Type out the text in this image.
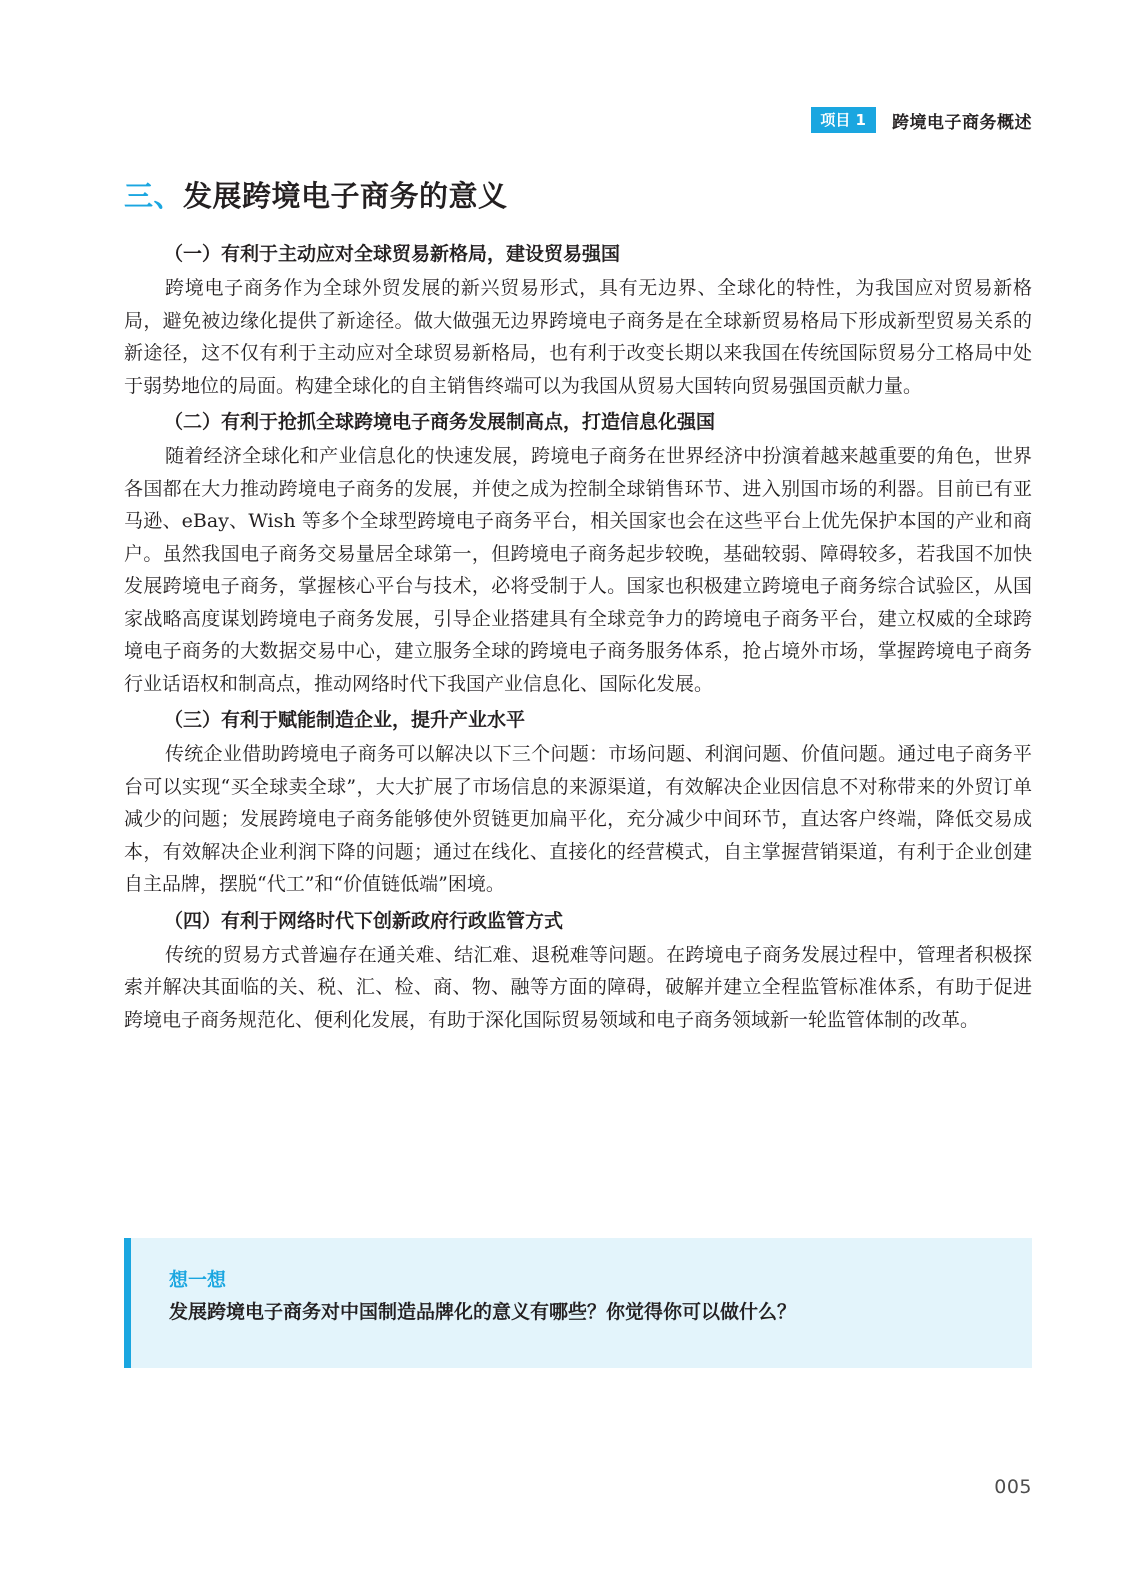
项目 1	跨境电子商务概述
三、发展跨境电子商务的意义
（一）有利于主动应对全球贸易新格局，建设贸易强国

跨境电子商务作为全球外贸发展的新兴贸易形式，具有无边界、全球化的特性，为我国应对贸易新格局，避免被边缘化提供了新途径。做大做强无边界跨境电子商务是在全球新贸易格局下形成新型贸易关系的新途径，这不仅有利于主动应对全球贸易新格局，也有利于改变长期以来我国在传统国际贸易分工格局中处于弱势地位的局面。构建全球化的自主销售终端可以为我国从贸易大国转向贸易强国贡献力量。

（二）有利于抢抓全球跨境电子商务发展制高点，打造信息化强国

随着经济全球化和产业信息化的快速发展，跨境电子商务在世界经济中扮演着越来越重要的角色，世界各国都在大力推动跨境电子商务的发展，并使之成为控制全球销售环节、进入别国市场的利器。目前已有亚马逊、eBay、Wish 等多个全球型跨境电子商务平台，相关国家也会在这些平台上优先保护本国的产业和商户。虽然我国电子商务交易量居全球第一，但跨境电子商务起步较晚，基础较弱、障碍较多，若我国不加快发展跨境电子商务，掌握核心平台与技术，必将受制于人。国家也积极建立跨境电子商务综合试验区，从国家战略高度谋划跨境电子商务发展，引导企业搭建具有全球竞争力的跨境电子商务平台，建立权威的全球跨境电子商务的大数据交易中心，建立服务全球的跨境电子商务服务体系，抢占境外市场，掌握跨境电子商务行业话语权和制高点，推动网络时代下我国产业信息化、国际化发展。

（三）有利于赋能制造企业，提升产业水平

传统企业借助跨境电子商务可以解决以下三个问题：市场问题、利润问题、价值问题。通过电子商务平台可以实现“买全球卖全球”，大大扩展了市场信息的来源渠道，有效解决企业因信息不对称带来的外贸订单减少的问题；发展跨境电子商务能够使外贸链更加扁平化，充分减少中间环节，直达客户终端，降低交易成本，有效解决企业利润下降的问题；通过在线化、直接化的经营模式，自主掌握营销渠道，有利于企业创建自主品牌，摆脱“代工”和“价值链低端”困境。

（四）有利于网络时代下创新政府行政监管方式

传统的贸易方式普遍存在通关难、结汇难、退税难等问题。在跨境电子商务发展过程中，管理者积极探索并解决其面临的关、税、汇、检、商、物、融等方面的障碍，破解并建立全程监管标准体系，有助于促进跨境电子商务规范化、便利化发展，有助于深化国际贸易领域和电子商务领域新一轮监管体制的改革。

想一想
发展跨境电子商务对中国制造品牌化的意义有哪些？你觉得你可以做什么？
005
